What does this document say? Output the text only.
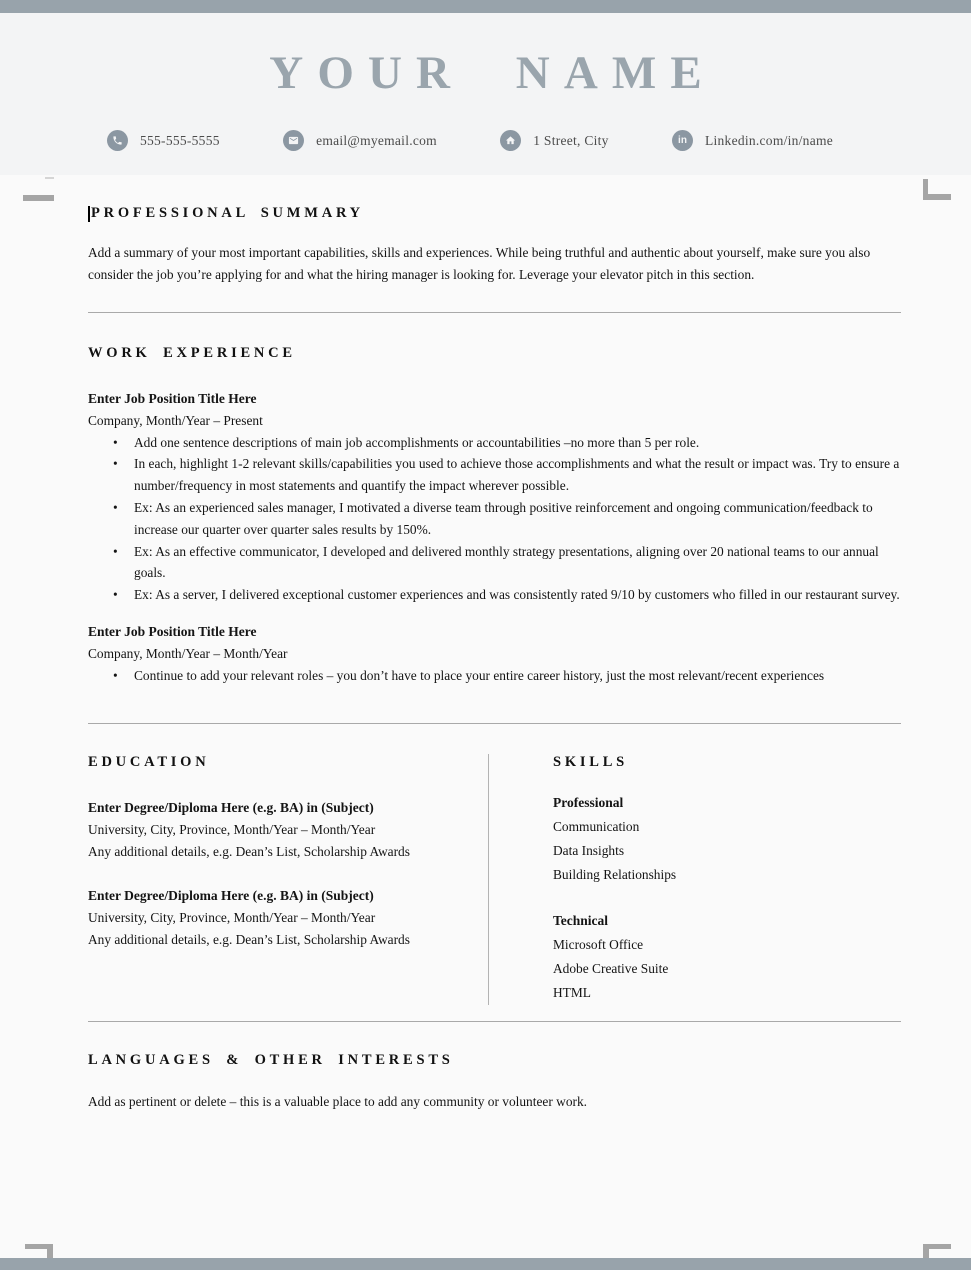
YOUR NAME
555-555-5555	email@myemail.com	1 Street, City	in Linkedin.com/in/name
PROFESSIONAL SUMMARY

Add a summary of your most important capabilities, skills and experiences. While being truthful and authentic about yourself, make sure you also consider the job you’re applying for and what the hiring manager is looking for. Leverage your elevator pitch in this section.

WORK EXPERIENCE
Enter Job Position Title Here
Company, Month/Year – Present
•
Add one sentence descriptions of main job accomplishments or accountabilities –no more than 5 per role.
•
In each, highlight 1-2 relevant skills/capabilities you used to achieve those accomplishments and what the result or impact was. Try to ensure a number/frequency in most statements and quantify the impact wherever possible.
•
Ex: As an experienced sales manager, I motivated a diverse team through positive reinforcement and ongoing communication/feedback to increase our quarter over quarter sales results by 150%.
•
Ex: As an effective communicator, I developed and delivered monthly strategy presentations, aligning over 20 national teams to our annual goals.
•
Ex: As a server, I delivered exceptional customer experiences and was consistently rated 9/10 by customers who filled in our restaurant survey.
Enter Job Position Title Here
Company, Month/Year – Month/Year
•
Continue to add your relevant roles – you don’t have to place your entire career history, just the most relevant/recent experiences
EDUCATION
Enter Degree/Diploma Here (e.g. BA) in (Subject)
University, City, Province, Month/Year – Month/Year
Any additional details, e.g. Dean’s List, Scholarship Awards
Enter Degree/Diploma Here (e.g. BA) in (Subject)
University, City, Province, Month/Year – Month/Year
Any additional details, e.g. Dean’s List, Scholarship Awards
SKILLS
Professional
Communication
Data Insights
Building Relationships
Technical
Microsoft Office
Adobe Creative Suite
HTML
LANGUAGES & OTHER INTERESTS

Add as pertinent or delete – this is a valuable place to add any community or volunteer work.
